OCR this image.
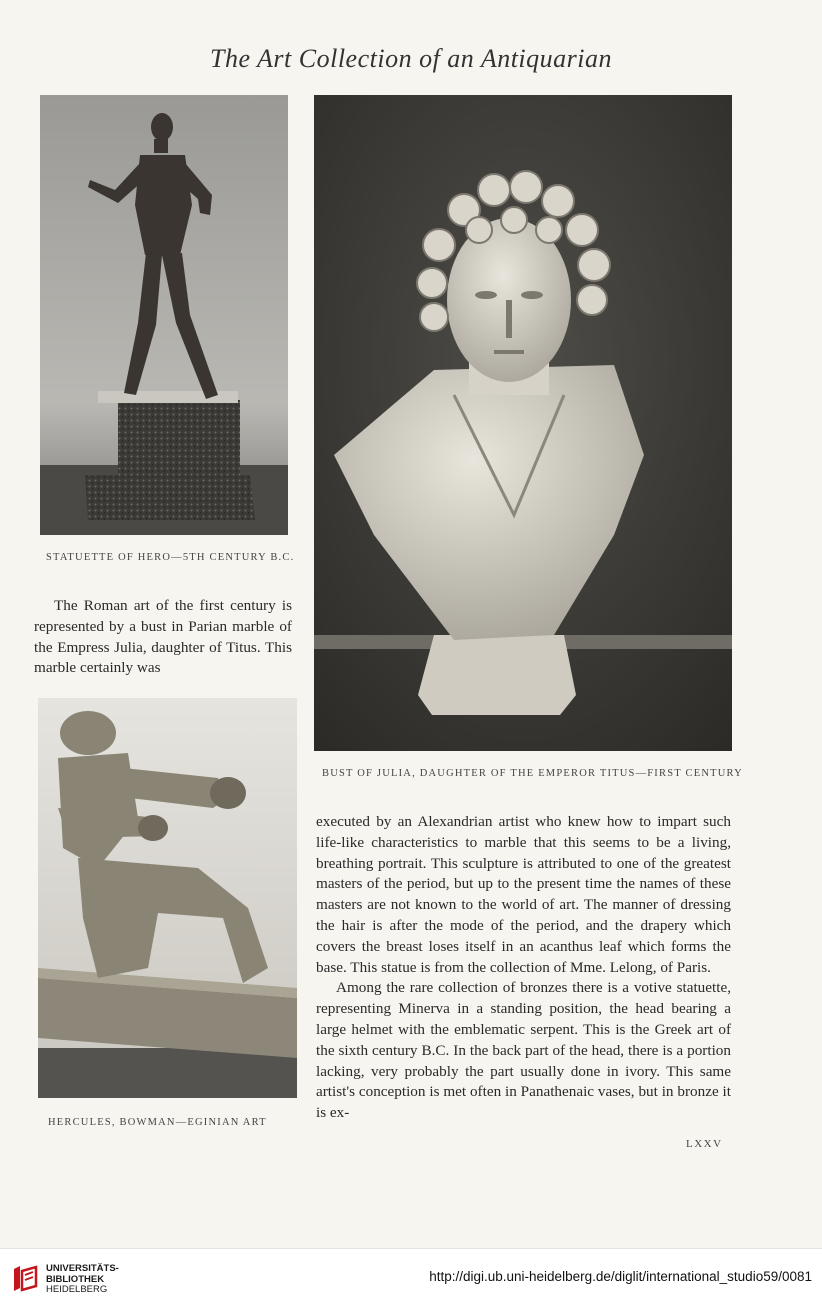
The Art Collection of an Antiquarian
STATUETTE OF HERO—5TH CENTURY B.C.

The Roman art of the first century is represented by a bust in Parian marble of the Empress Julia, daughter of Titus. This marble certainly was

BUST OF JULIA, DAUGHTER OF THE EMPEROR TITUS—FIRST CENTURY
HERCULES, BOWMAN—EGINIAN ART

executed by an Alexandrian artist who knew how to impart such life-like characteristics to marble that this seems to be a living, breathing portrait. This sculpture is attributed to one of the greatest masters of the period, but up to the present time the names of these masters are not known to the world of art. The manner of dressing the hair is after the mode of the period, and the drapery which covers the breast loses itself in an acanthus leaf which forms the base. This statue is from the collection of Mme. Lelong, of Paris.

Among the rare collection of bronzes there is a votive statuette, representing Minerva in a standing position, the head bearing a large helmet with the emblematic serpent. This is the Greek art of the sixth century B.C. In the back part of the head, there is a portion lacking, very probably the part usually done in ivory. This same artist's conception is met often in Panathenaic vases, but in bronze it is ex-

LXXV
UNIVERSITÄTS-
BIBLIOTHEK
HEIDELBERG
http://digi.ub.uni-heidelberg.de/diglit/international_studio59/0081
